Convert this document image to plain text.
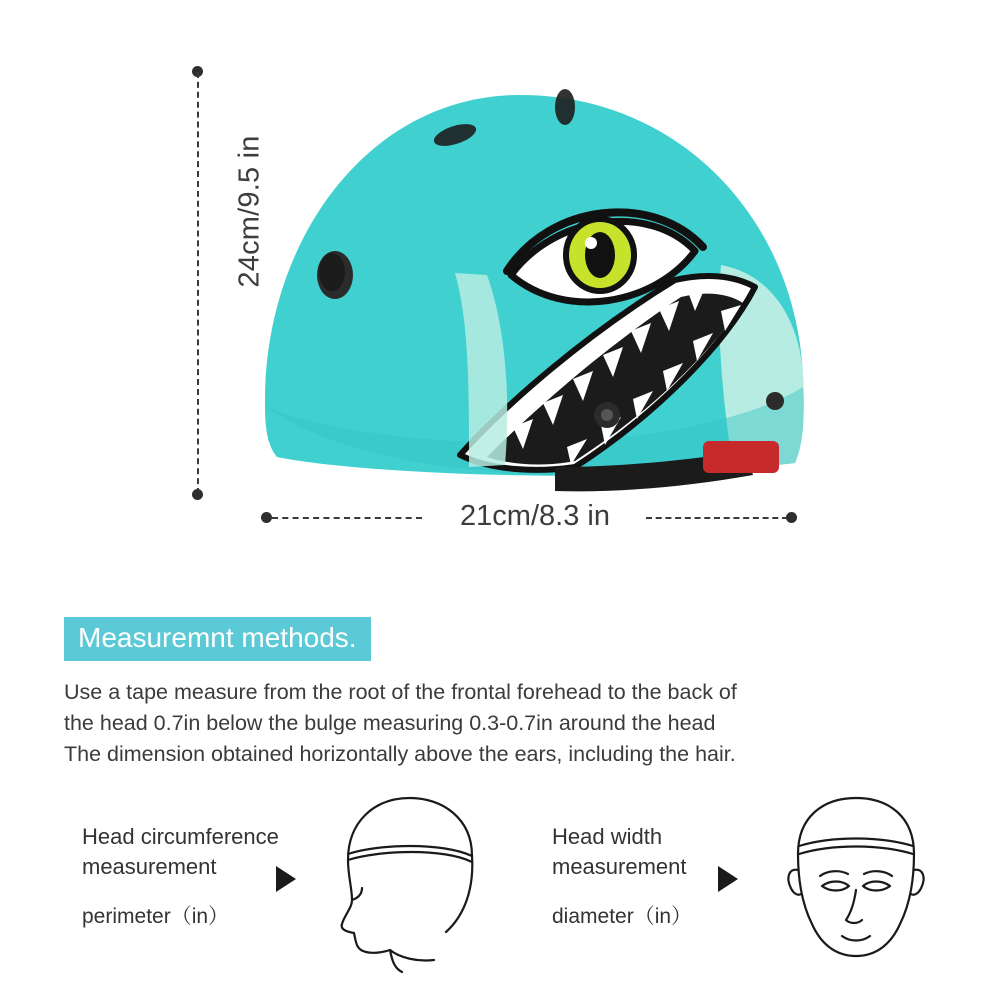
24cm/9.5 in
21cm/8.3 in
Measuremnt methods.

Use a tape measure from the root of the frontal forehead to the back of

the head 0.7in below the bulge measuring 0.3-0.7in around the head

The dimension obtained horizontally above the ears, including the hair.

Head circumference
measurement
perimeter（in）
Head width
measurement
diameter（in）
